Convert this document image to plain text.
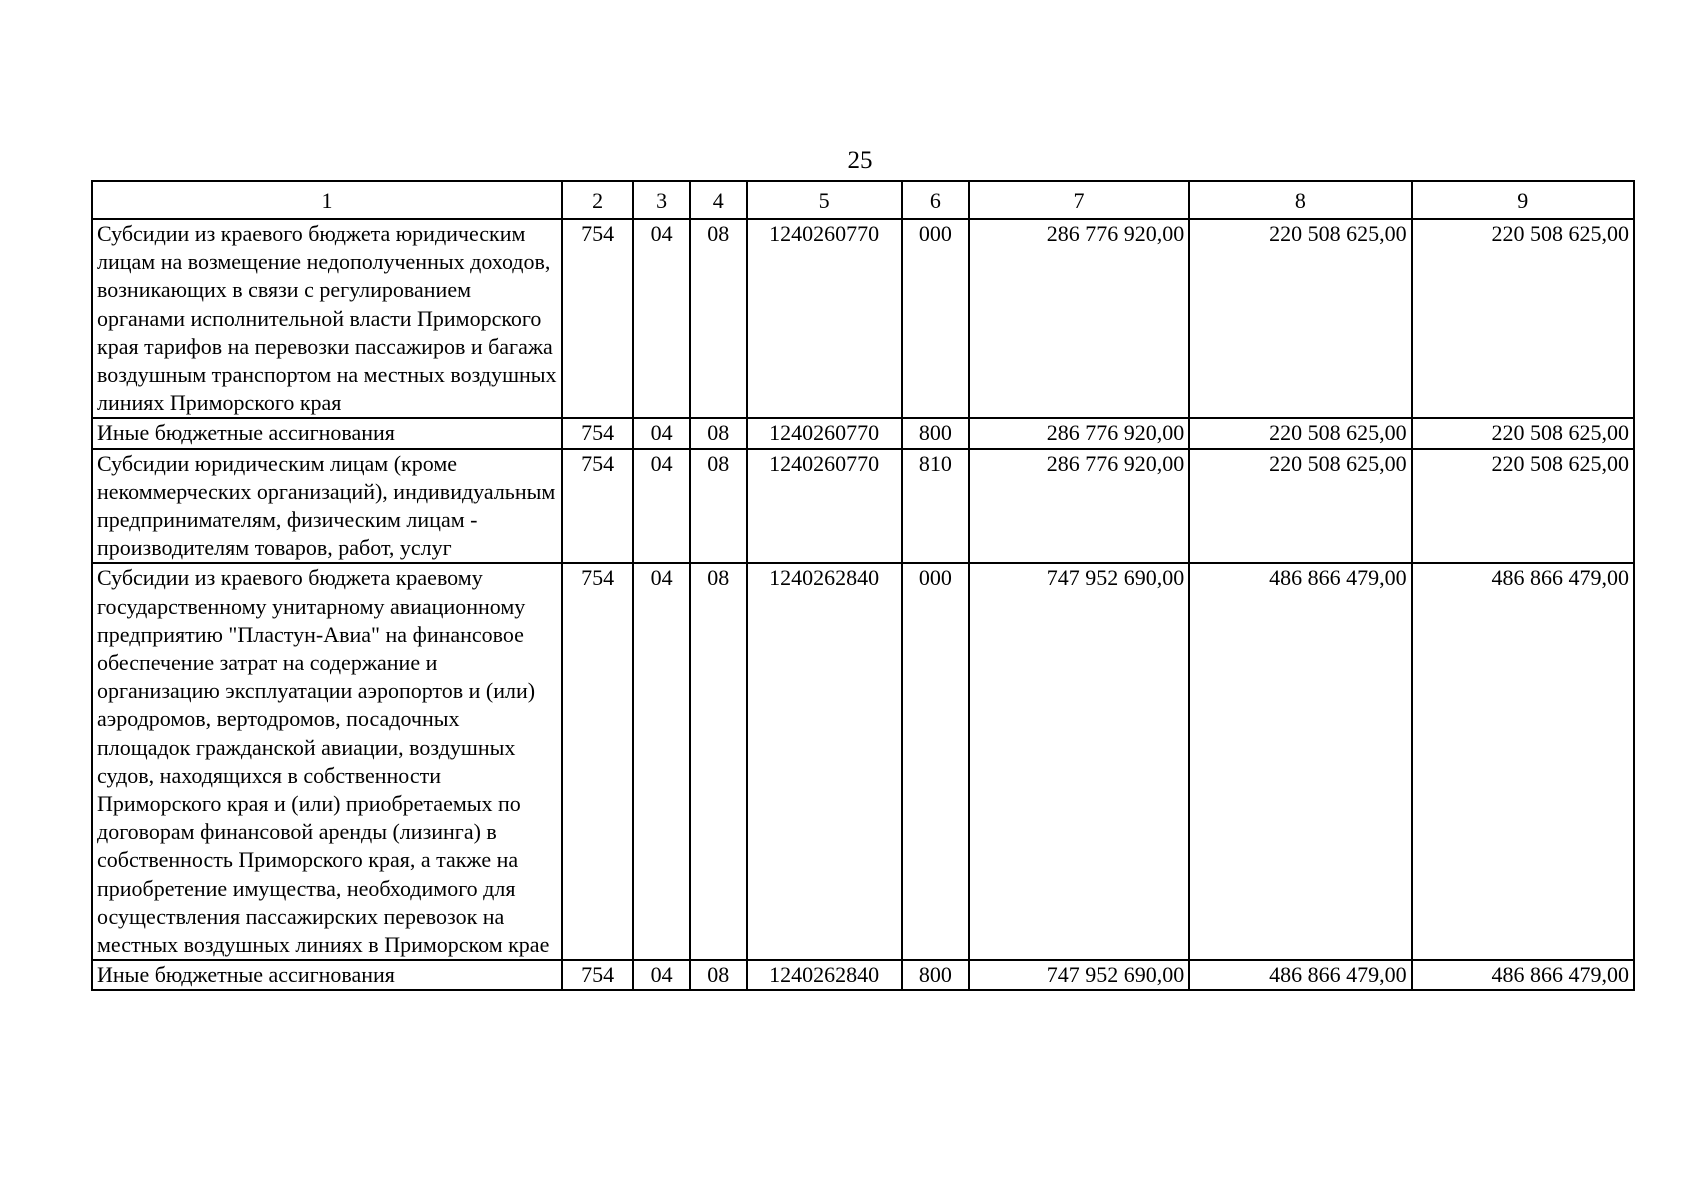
25
1	2	3	4	5	6	7	8	9
Субсидии из краевого бюджета юридическим лицам на возмещение недополученных доходов, возникающих в связи с регулированием органами исполнительной власти Приморского края тарифов на перевозки пассажиров и багажа воздушным транспортом на местных воздушных линиях Приморского края	754	04	08	1240260770	000	286 776 920,00	220 508 625,00	220 508 625,00
Иные бюджетные ассигнования	754	04	08	1240260770	800	286 776 920,00	220 508 625,00	220 508 625,00
Субсидии юридическим лицам (кроме некоммерческих организаций), индивидуальным предпринимателям, физическим лицам - производителям товаров, работ, услуг	754	04	08	1240260770	810	286 776 920,00	220 508 625,00	220 508 625,00
Субсидии из краевого бюджета краевому государственному унитарному авиационному предприятию "Пластун-Авиа" на финансовое обеспечение затрат на содержание и организацию эксплуатации аэропортов и (или) аэродромов, вертодромов, посадочных площадок гражданской авиации, воздушных судов, находящихся в собственности Приморского края и (или) приобретаемых по договорам финансовой аренды (лизинга) в собственность Приморского края, а также на приобретение имущества, необходимого для осуществления пассажирских перевозок на местных воздушных линиях в Приморском крае	754	04	08	1240262840	000	747 952 690,00	486 866 479,00	486 866 479,00
Иные бюджетные ассигнования	754	04	08	1240262840	800	747 952 690,00	486 866 479,00	486 866 479,00
